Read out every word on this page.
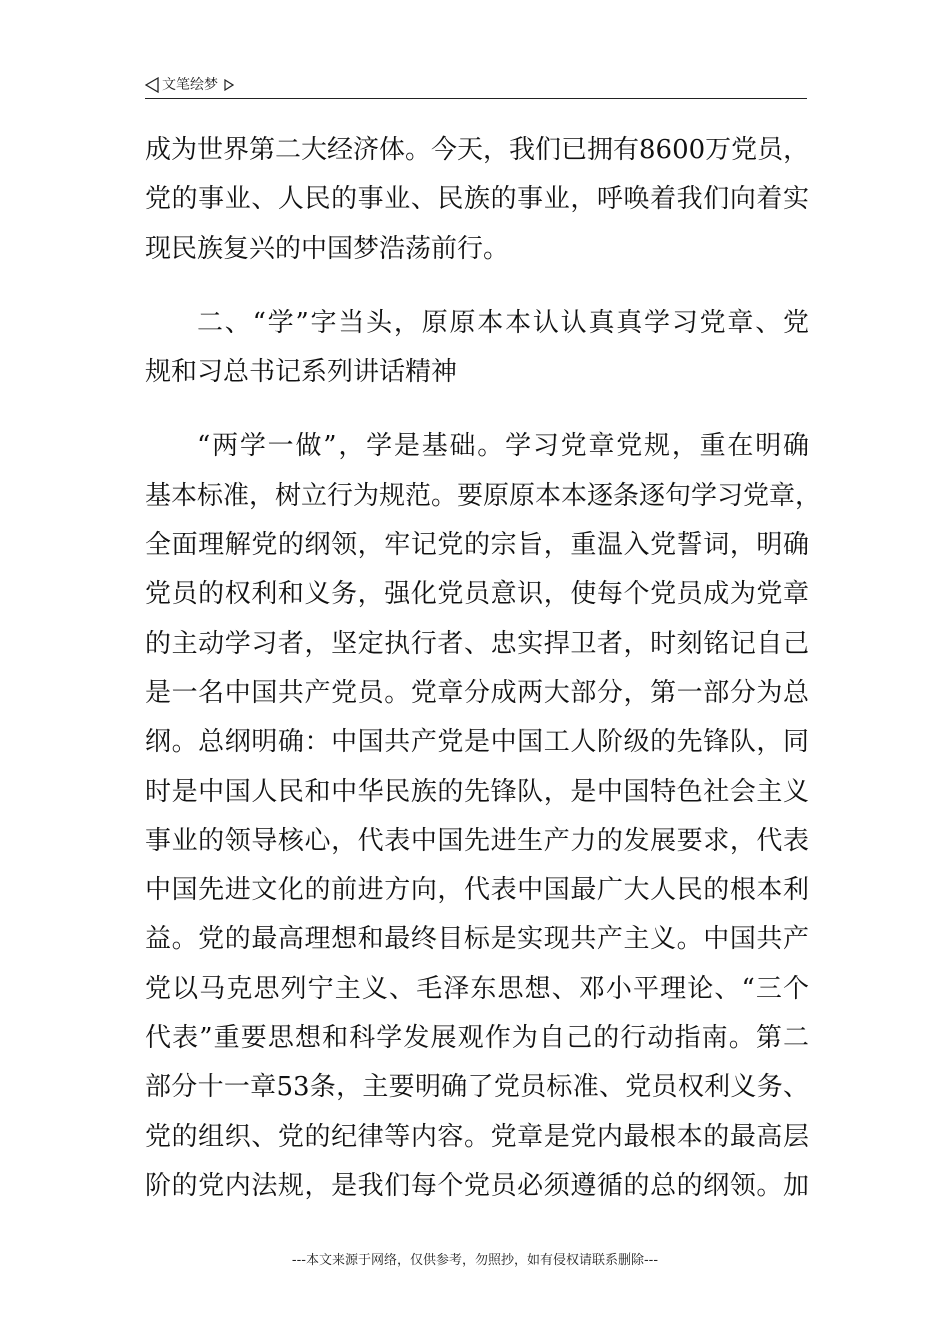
文笔绘梦
成为世界第二大经济体。今天，我们已拥有8600万党员，
党的事业、人民的事业、民族的事业，呼唤着我们向着实
现民族复兴的中国梦浩荡前行。
二、“学”字当头，原原本本认认真真学习党章、党
规和习总书记系列讲话精神
“两学一做”，学是基础。学习党章党规，重在明确
基本标准，树立行为规范。要原原本本逐条逐句学习党章，
全面理解党的纲领，牢记党的宗旨，重温入党誓词，明确
党员的权利和义务，强化党员意识，使每个党员成为党章
的主动学习者，坚定执行者、忠实捍卫者，时刻铭记自己
是一名中国共产党员。党章分成两大部分，第一部分为总
纲。总纲明确：中国共产党是中国工人阶级的先锋队，同
时是中国人民和中华民族的先锋队，是中国特色社会主义
事业的领导核心，代表中国先进生产力的发展要求，代表
中国先进文化的前进方向，代表中国最广大人民的根本利
益。党的最高理想和最终目标是实现共产主义。中国共产
党以马克思列宁主义、毛泽东思想、邓小平理论、“三个
代表”重要思想和科学发展观作为自己的行动指南。第二
部分十一章53条，主要明确了党员标准、党员权利义务、
党的组织、党的纪律等内容。党章是党内最根本的最高层
阶的党内法规，是我们每个党员必须遵循的总的纲领。加
---本文来源于网络，仅供参考，勿照抄，如有侵权请联系删除---
